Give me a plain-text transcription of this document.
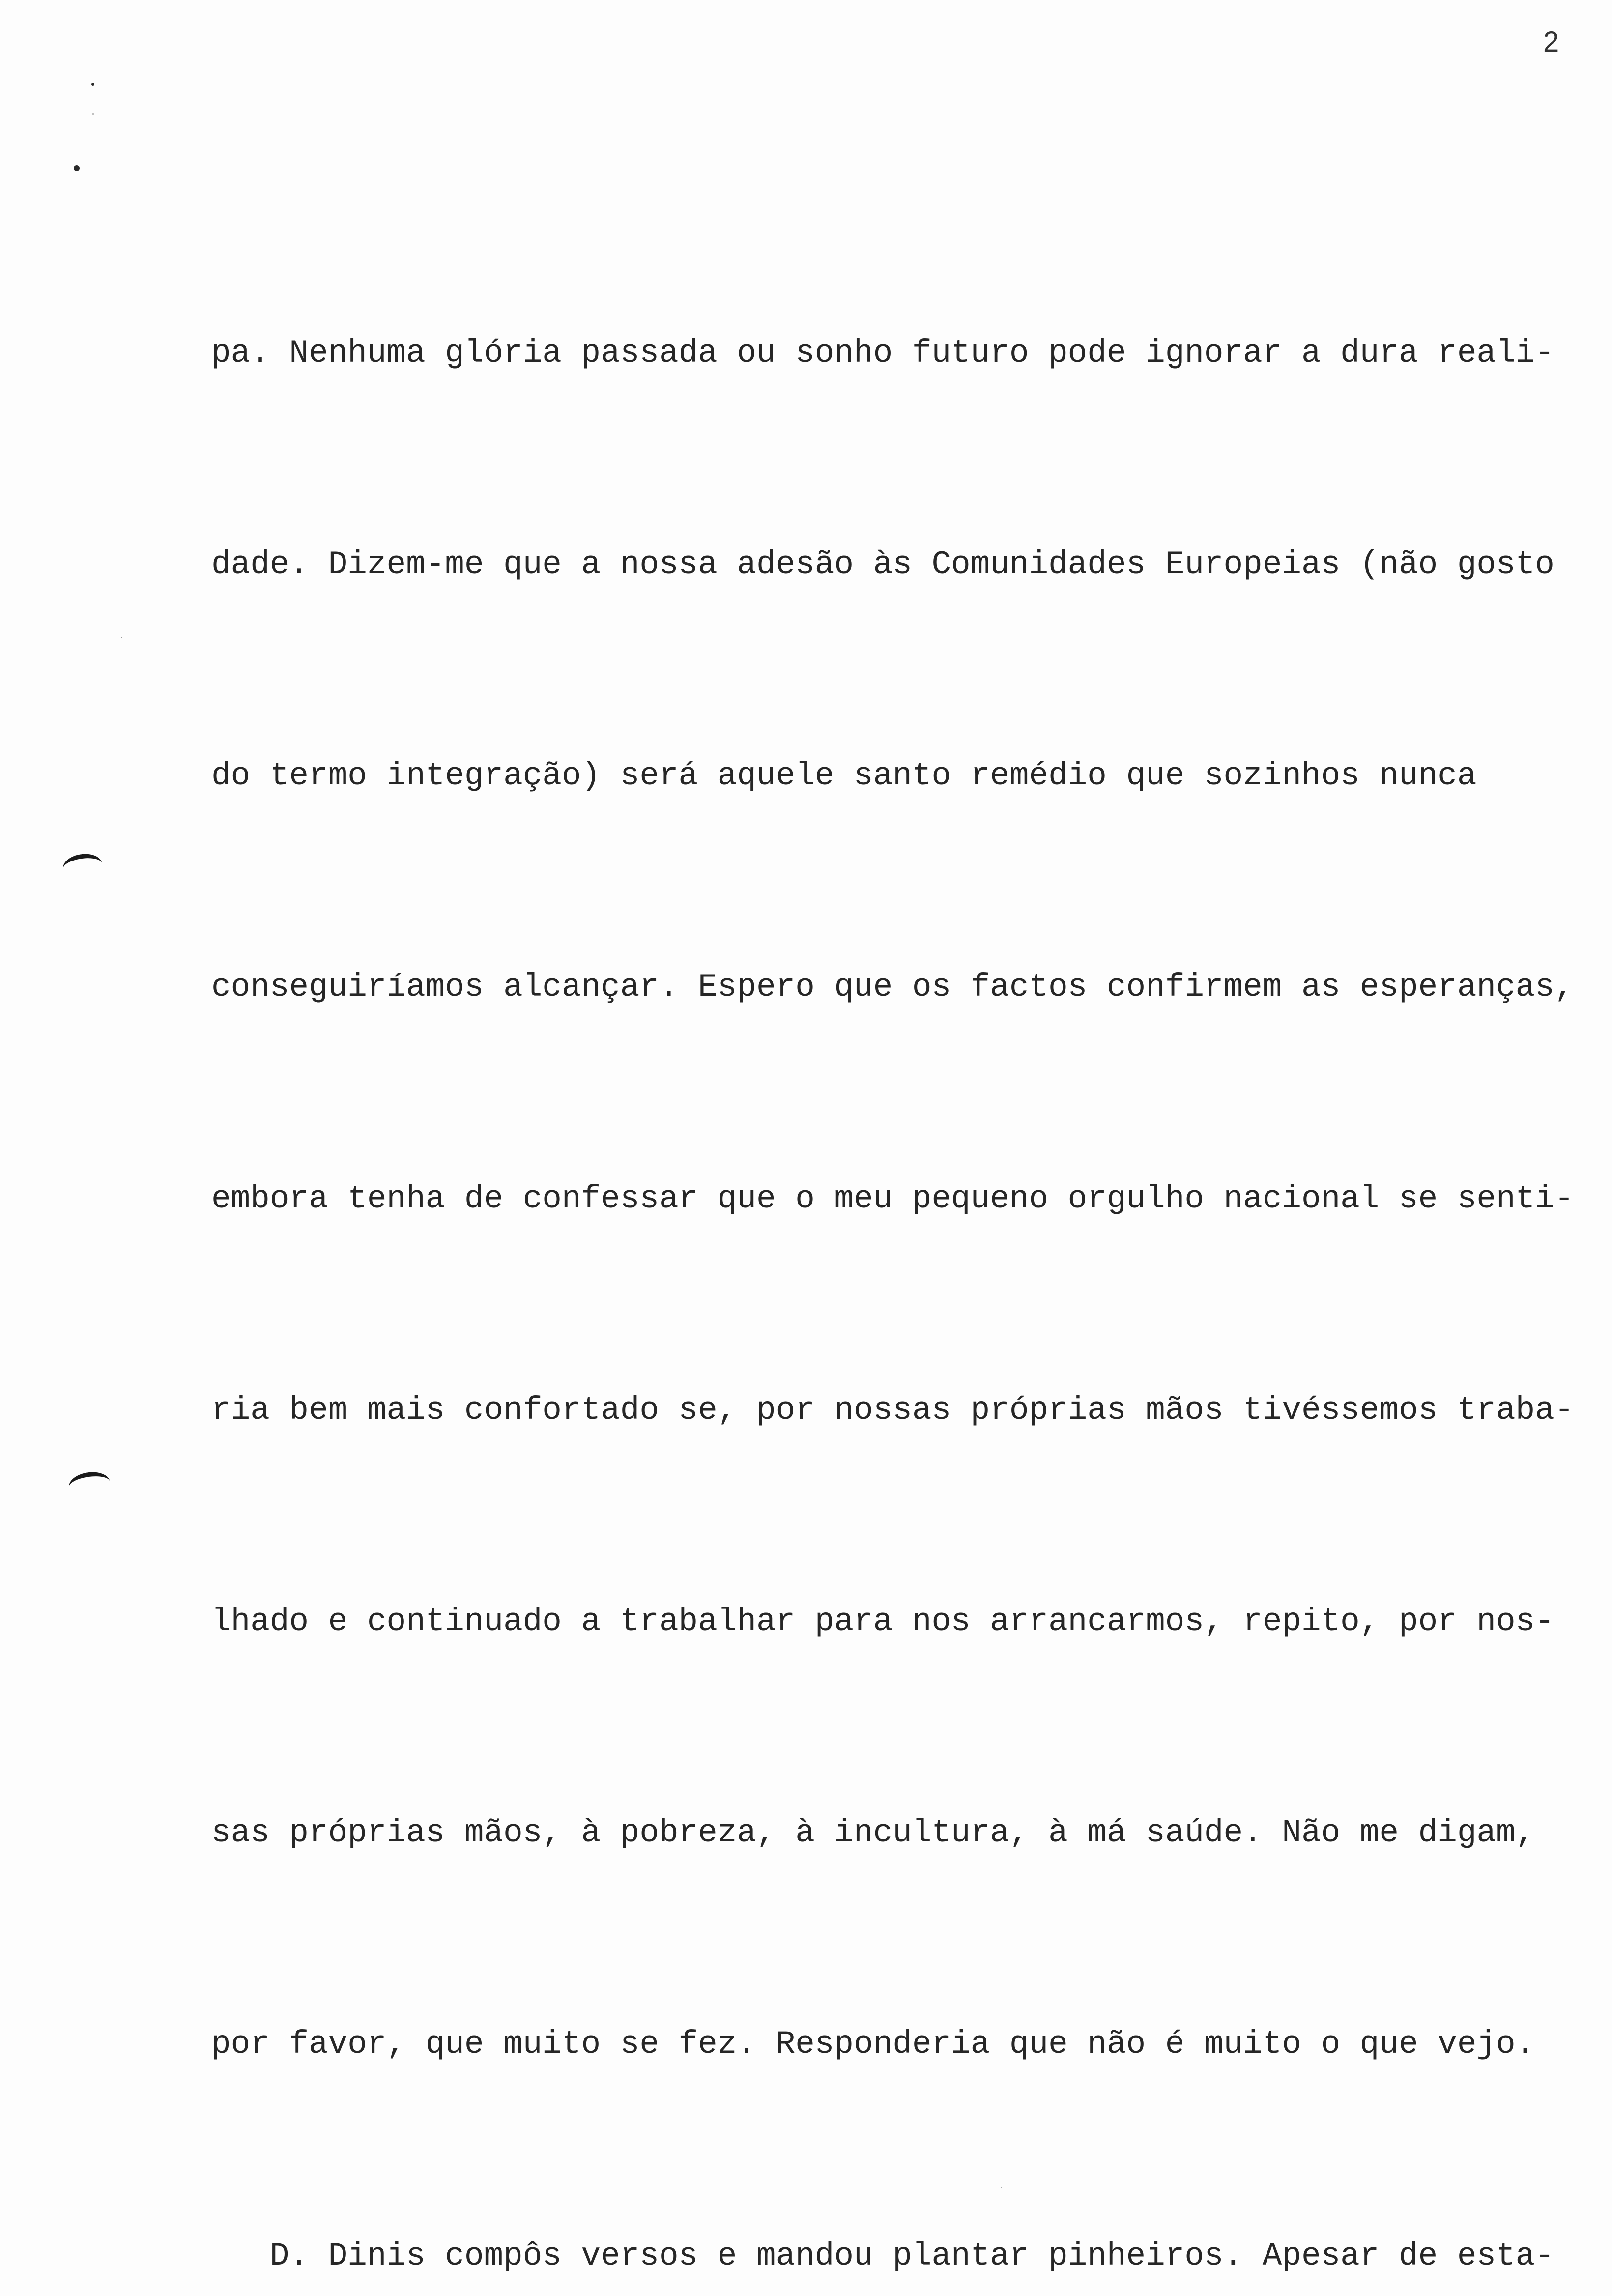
2

pa. Nenhuma glória passada ou sonho futuro pode ignorar a dura reali-

dade. Dizem-me que a nossa adesão às Comunidades Europeias (não gosto

do termo integração) será aquele santo remédio que sozinhos nunca

conseguiríamos alcançar. Espero que os factos confirmem as esperanças,

embora tenha de confessar que o meu pequeno orgulho nacional se senti-

ria bem mais confortado se, por nossas próprias mãos tivéssemos traba-

lhado e continuado a trabalhar para nos arrancarmos, repito, por nos-

sas próprias mãos, à pobreza, à incultura, à má saúde. Não me digam,

por favor, que muito se fez. Responderia que não é muito o que vejo.

D. Dinis compôs versos e mandou plantar pinheiros. Apesar de esta-
